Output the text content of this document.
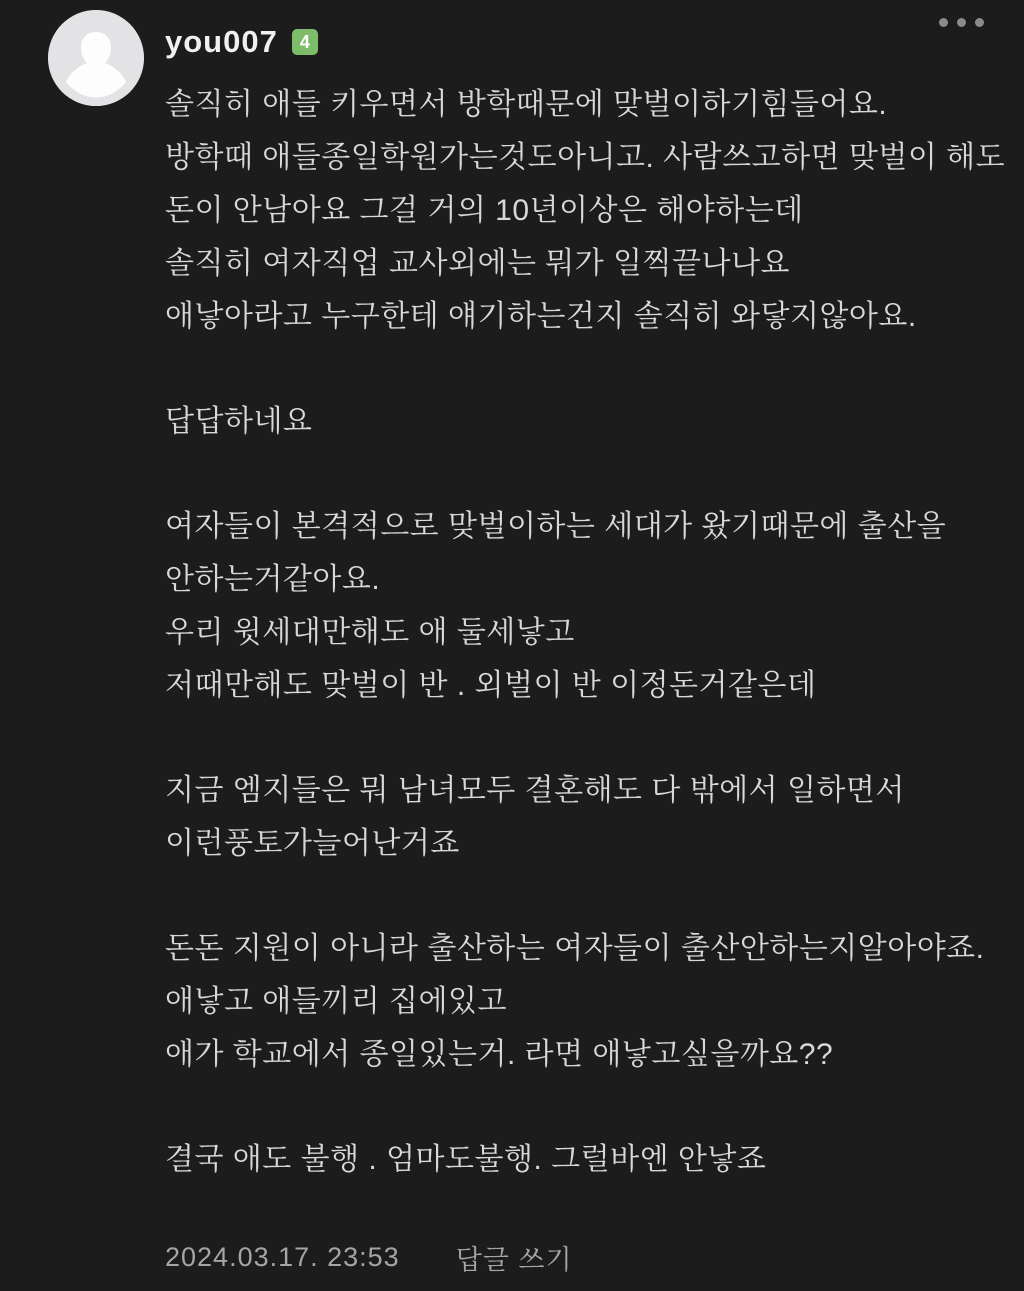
you007	4
솔직히 애들 키우면서 방학때문에 맞벌이하기힘들어요.
방학때 애들종일학원가는것도아니고. 사람쓰고하면 맞벌이 해도
돈이 안남아요 그걸 거의 10년이상은 해야하는데
솔직히 여자직업 교사외에는 뭐가 일찍끝나나요
애낳아라고 누구한테 얘기하는건지 솔직히 와닿지않아요.
답답하네요
여자들이 본격적으로 맞벌이하는 세대가 왔기때문에 출산을
안하는거같아요.
우리 윗세대만해도 애 둘세낳고
저때만해도 맞벌이 반 . 외벌이 반 이정돈거같은데
지금 엠지들은 뭐 남녀모두 결혼해도 다 밖에서 일하면서
이런풍토가늘어난거죠
돈돈 지원이 아니라 출산하는 여자들이 출산안하는지알아야죠.
애낳고 애들끼리 집에있고
애가 학교에서 종일있는거. 라면 애낳고싶을까요??
결국 애도 불행 . 엄마도불행. 그럴바엔 안낳죠
2024.03.17. 23:53 답글 쓰기
